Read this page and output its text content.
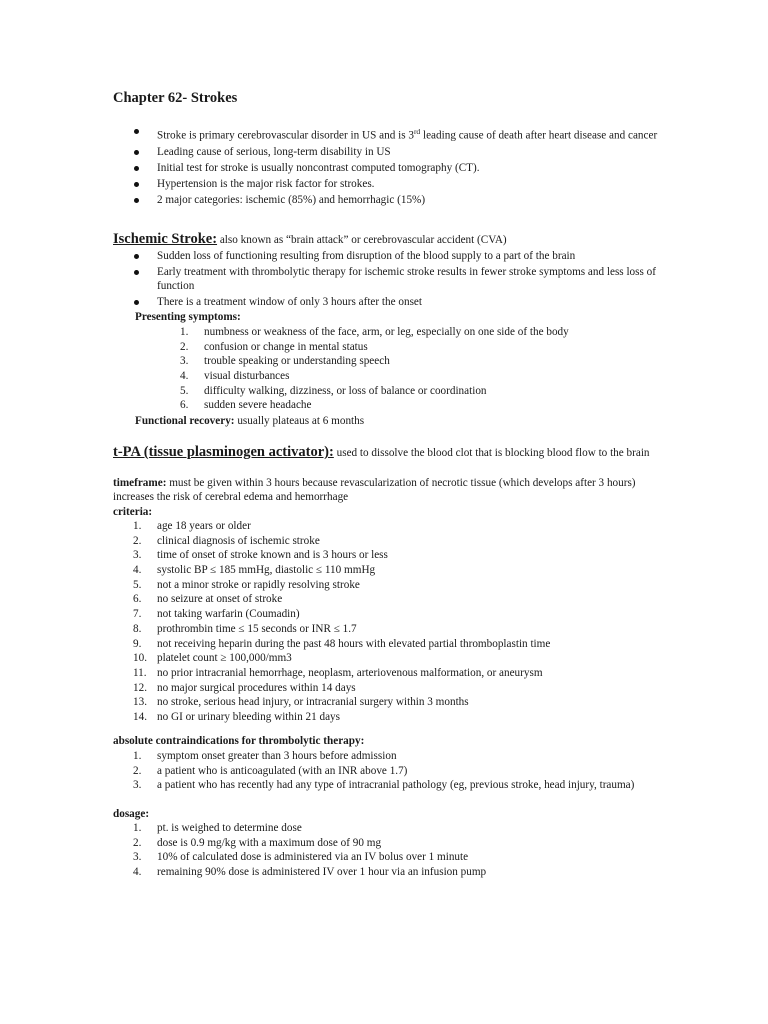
Chapter 62- Strokes
Stroke is primary cerebrovascular disorder in US and is 3rd leading cause of death after heart disease and cancer
Leading cause of serious, long-term disability in US
Initial test for stroke is usually noncontrast computed tomography (CT).
Hypertension is the major risk factor for strokes.
2 major categories: ischemic (85%) and hemorrhagic (15%)
Ischemic Stroke: also known as “brain attack” or cerebrovascular accident (CVA)
Sudden loss of functioning resulting from disruption of the blood supply to a part of the brain
Early treatment with thrombolytic therapy for ischemic stroke results in fewer stroke symptoms and less loss of function
There is a treatment window of only 3 hours after the onset
Presenting symptoms:
1.	numbness or weakness of the face, arm, or leg, especially on one side of the body
2.	confusion or change in mental status
3.	trouble speaking or understanding speech
4.	visual disturbances
5.	difficulty walking, dizziness, or loss of balance or coordination
6.	sudden severe headache
Functional recovery: usually plateaus at 6 months
t-PA (tissue plasminogen activator): used to dissolve the blood clot that is blocking blood flow to the brain
timeframe: must be given within 3 hours because revascularization of necrotic tissue (which develops after 3 hours) increases the risk of cerebral edema and hemorrhage
criteria:
1.	age 18 years or older
2.	clinical diagnosis of ischemic stroke
3.	time of onset of stroke known and is 3 hours or less
4.	systolic BP ≤ 185 mmHg, diastolic ≤ 110 mmHg
5.	not a minor stroke or rapidly resolving stroke
6.	no seizure at onset of stroke
7.	not taking warfarin (Coumadin)
8.	prothrombin time ≤ 15 seconds or INR ≤ 1.7
9.	not receiving heparin during the past 48 hours with elevated partial thromboplastin time
10. platelet count ≥ 100,000/mm3
11. no prior intracranial hemorrhage, neoplasm, arteriovenous malformation, or aneurysm
12. no major surgical procedures within 14 days
13. no stroke, serious head injury, or intracranial surgery within 3 months
14. no GI or urinary bleeding within 21 days
absolute contraindications for thrombolytic therapy:
1.	symptom onset greater than 3 hours before admission
2.	a patient who is anticoagulated (with an INR above 1.7)
3.	a patient who has recently had any type of intracranial pathology (eg, previous stroke, head injury, trauma)
dosage:
1.	pt. is weighed to determine dose
2.	dose is 0.9 mg/kg with a maximum dose of 90 mg
3.	10% of calculated dose is administered via an IV bolus over 1 minute
4.	remaining 90% dose is administered IV over 1 hour via an infusion pump
